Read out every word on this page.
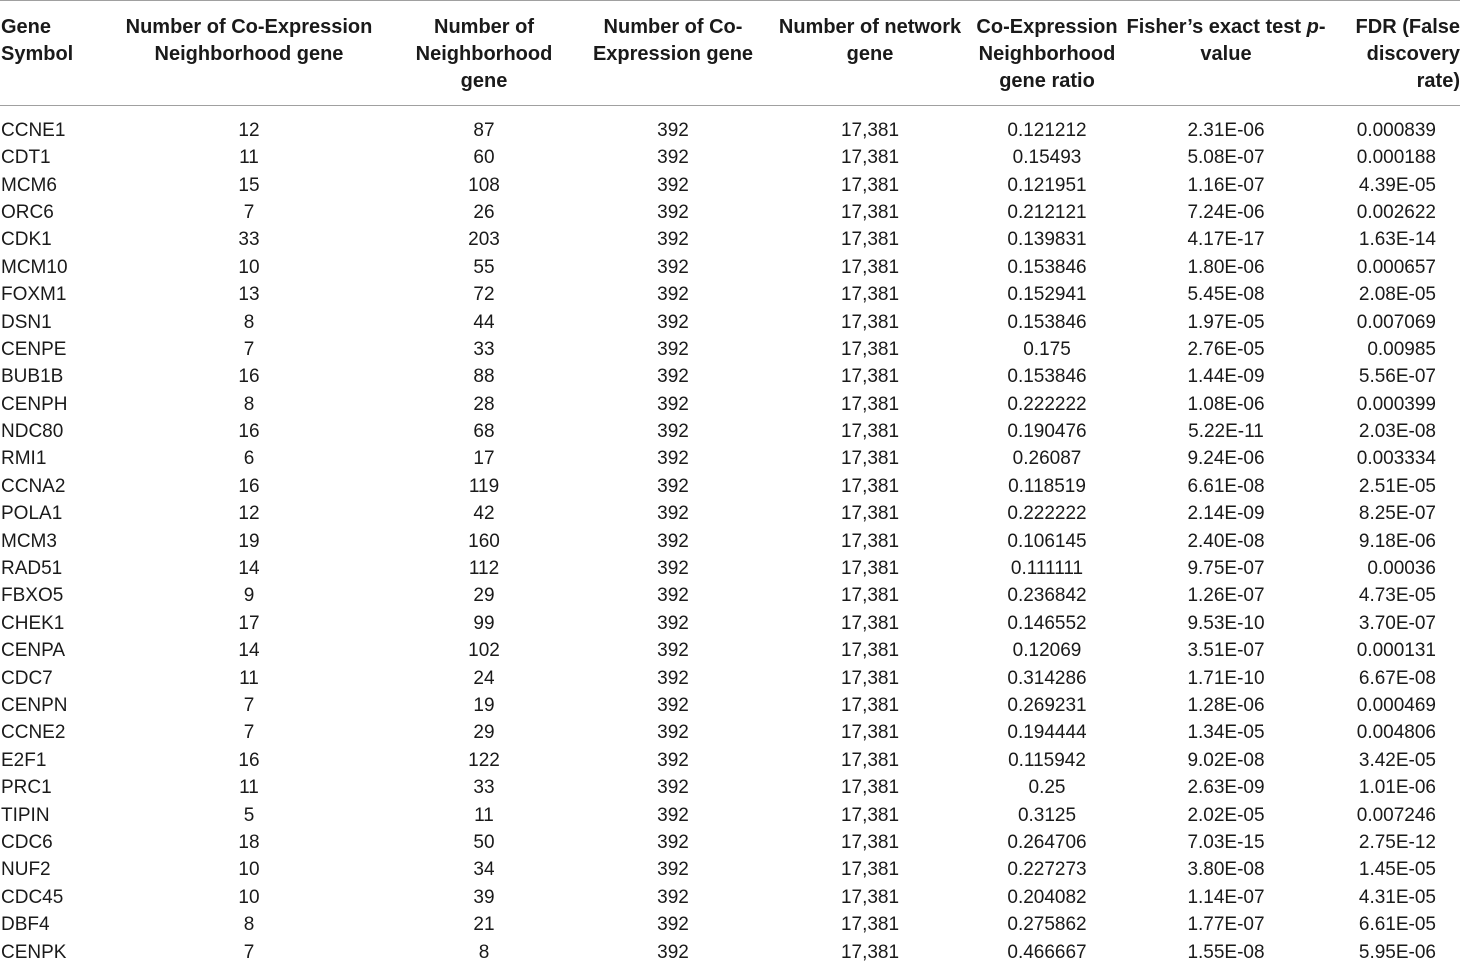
Gene Symbol	Number of Co-Expression Neighborhood gene	Number of Neighborhood gene	Number of Co-Expression gene	Number of network gene	Co-Expression Neighborhood gene ratio	Fisher’s exact test p-value	FDR (False discovery rate)
CCNE1	12	87	392	17,381	0.121212	2.31E-06	0.000839
CDT1	11	60	392	17,381	0.15493	5.08E-07	0.000188
MCM6	15	108	392	17,381	0.121951	1.16E-07	4.39E-05
ORC6	7	26	392	17,381	0.212121	7.24E-06	0.002622
CDK1	33	203	392	17,381	0.139831	4.17E-17	1.63E-14
MCM10	10	55	392	17,381	0.153846	1.80E-06	0.000657
FOXM1	13	72	392	17,381	0.152941	5.45E-08	2.08E-05
DSN1	8	44	392	17,381	0.153846	1.97E-05	0.007069
CENPE	7	33	392	17,381	0.175	2.76E-05	0.00985
BUB1B	16	88	392	17,381	0.153846	1.44E-09	5.56E-07
CENPH	8	28	392	17,381	0.222222	1.08E-06	0.000399
NDC80	16	68	392	17,381	0.190476	5.22E-11	2.03E-08
RMI1	6	17	392	17,381	0.26087	9.24E-06	0.003334
CCNA2	16	119	392	17,381	0.118519	6.61E-08	2.51E-05
POLA1	12	42	392	17,381	0.222222	2.14E-09	8.25E-07
MCM3	19	160	392	17,381	0.106145	2.40E-08	9.18E-06
RAD51	14	112	392	17,381	0.111111	9.75E-07	0.00036
FBXO5	9	29	392	17,381	0.236842	1.26E-07	4.73E-05
CHEK1	17	99	392	17,381	0.146552	9.53E-10	3.70E-07
CENPA	14	102	392	17,381	0.12069	3.51E-07	0.000131
CDC7	11	24	392	17,381	0.314286	1.71E-10	6.67E-08
CENPN	7	19	392	17,381	0.269231	1.28E-06	0.000469
CCNE2	7	29	392	17,381	0.194444	1.34E-05	0.004806
E2F1	16	122	392	17,381	0.115942	9.02E-08	3.42E-05
PRC1	11	33	392	17,381	0.25	2.63E-09	1.01E-06
TIPIN	5	11	392	17,381	0.3125	2.02E-05	0.007246
CDC6	18	50	392	17,381	0.264706	7.03E-15	2.75E-12
NUF2	10	34	392	17,381	0.227273	3.80E-08	1.45E-05
CDC45	10	39	392	17,381	0.204082	1.14E-07	4.31E-05
DBF4	8	21	392	17,381	0.275862	1.77E-07	6.61E-05
CENPK	7	8	392	17,381	0.466667	1.55E-08	5.95E-06
